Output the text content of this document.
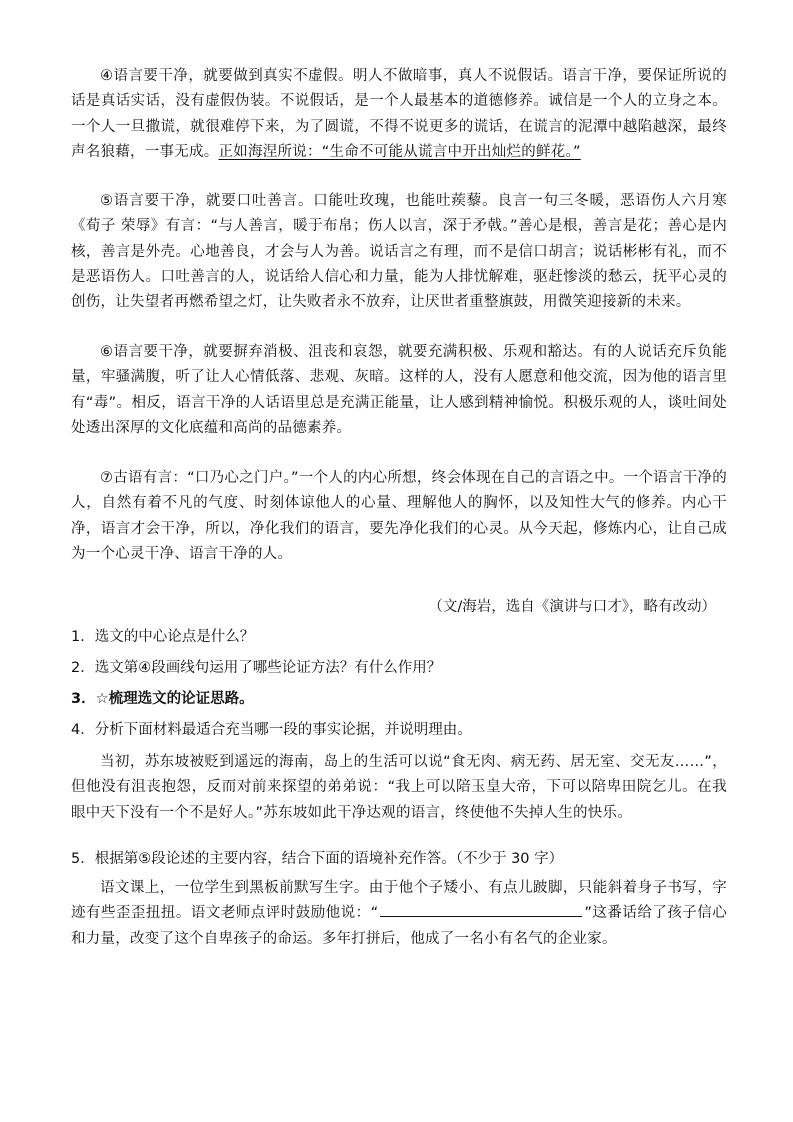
④语言要干净，就要做到真实不虚假。明人不做暗事，真人不说假话。语言干净，要保证所说的话是真话实话，没有虚假伪装。不说假话，是一个人最基本的道德修养。诚信是一个人的立身之本。一个人一旦撒谎，就很难停下来，为了圆谎，不得不说更多的谎话，在谎言的泥潭中越陷越深，最终声名狼藉，一事无成。正如海涅所说：“生命不可能从谎言中开出灿烂的鲜花。”

⑤语言要干净，就要口吐善言。口能吐玫瑰，也能吐蒺藜。良言一句三冬暖，恶语伤人六月寒《荀子 荣辱》有言：“与人善言，暖于布帛；伤人以言，深于矛戟。”善心是根，善言是花；善心是内核，善言是外壳。心地善良，才会与人为善。说话言之有理，而不是信口胡言；说话彬彬有礼，而不是恶语伤人。口吐善言的人，说话给人信心和力量，能为人排忧解难，驱赶惨淡的愁云，抚平心灵的创伤，让失望者再燃希望之灯，让失败者永不放弃，让厌世者重整旗鼓，用微笑迎接新的未来。

⑥语言要干净，就要摒弃消极、沮丧和哀怨，就要充满积极、乐观和豁达。有的人说话充斥负能量，牢骚满腹，听了让人心情低落、悲观、灰暗。这样的人，没有人愿意和他交流，因为他的语言里有“毒”。相反，语言干净的人话语里总是充满正能量，让人感到精神愉悦。积极乐观的人，谈吐间处处透出深厚的文化底蕴和高尚的品德素养。

⑦古语有言：“口乃心之门户。”一个人的内心所想，终会体现在自己的言语之中。一个语言干净的人，自然有着不凡的气度、时刻体谅他人的心量、理解他人的胸怀，以及知性大气的修养。内心干净，语言才会干净，所以，净化我们的语言，要先净化我们的心灵。从今天起，修炼内心，让自己成为一个心灵干净、语言干净的人。

（文/海岩，选自《演讲与口才》，略有改动）

1．选文的中心论点是什么？

2．选文第④段画线句运用了哪些论证方法？有什么作用？

3．☆梳理选文的论证思路。

4．分析下面材料最适合充当哪一段的事实论据，并说明理由。

当初，苏东坡被贬到遥远的海南，岛上的生活可以说“食无肉、病无药、居无室、交无友……”，但他没有沮丧抱怨，反而对前来探望的弟弟说：“我上可以陪玉皇大帝，下可以陪卑田院乞儿。在我眼中天下没有一个不是好人。”苏东坡如此干净达观的语言，终使他不失掉人生的快乐。

5．根据第⑤段论述的主要内容，结合下面的语境补充作答。（不少于 30 字）

语文课上，一位学生到黑板前默写生字。由于他个子矮小、有点儿跛脚，只能斜着身子书写，字迹有些歪歪扭扭。语文老师点评时鼓励他说：“	”这番话给了孩子信心和力量，改变了这个自卑孩子的命运。多年打拼后，他成了一名小有名气的企业家。
